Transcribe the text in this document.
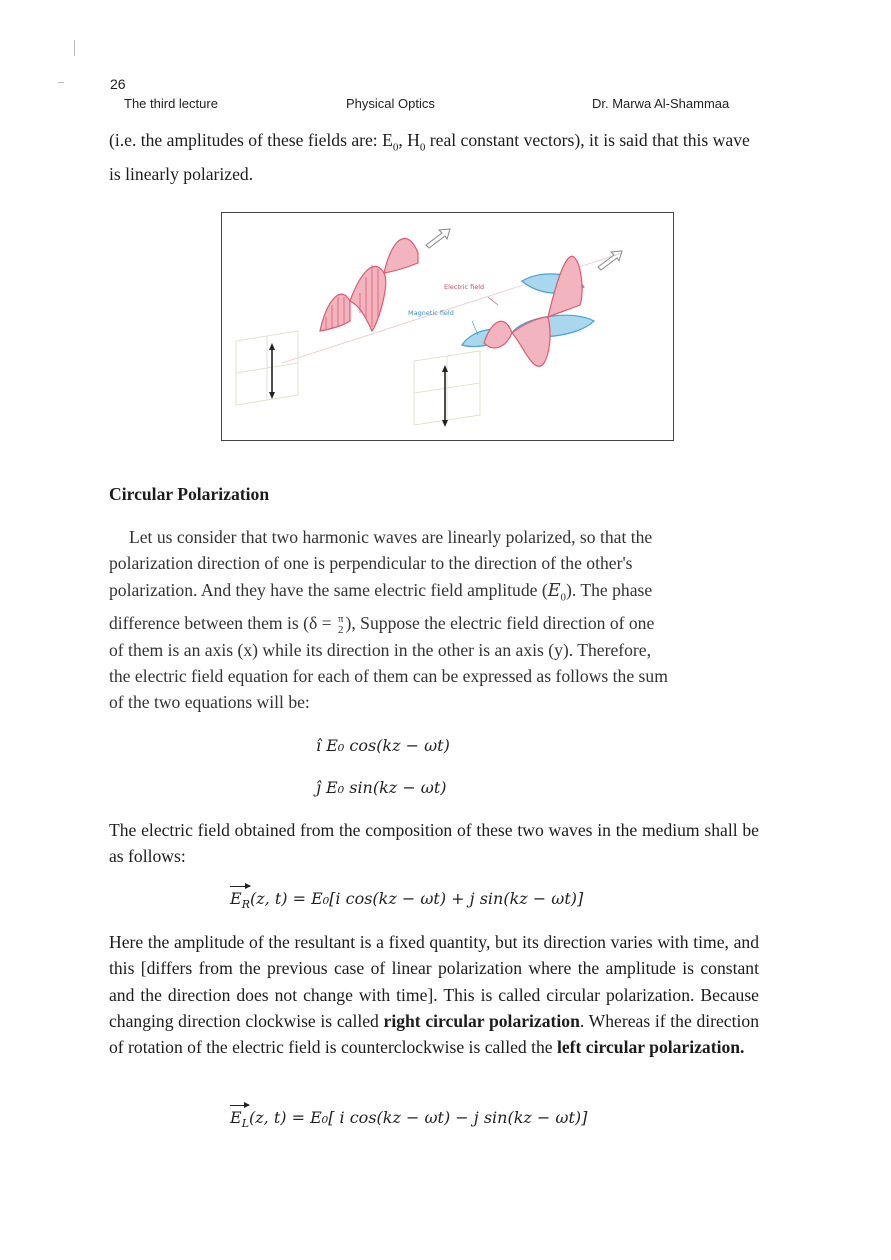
26
The third lecture	Physical Optics	Dr. Marwa Al-Shammaa

(i.e. the amplitudes of these fields are: $E_0$, $H_0$ real constant vectors), it is said that this wave is linearly polarized.

Electric field
Magnetic field
Circular Polarization
Let us consider that two harmonic waves are linearly polarized, so that the
polarization direction of one is perpendicular to the direction of the other's
polarization. And they have the same electric field amplitude $(E_0)$. The phase
difference between them is (δ = π
2 ), Suppose the electric field direction of one
of them is an axis (x) while its direction in the other is an axis (y). Therefore,
the electric field equation for each of them can be expressed as follows the sum
of the two equations will be:
î E₀ cos(kz − ωt)
ĵ E₀ sin(kz − ωt)

The electric field obtained from the composition of these two waves in the medium shall be as follows:

$E_R(z$, t) = E₀[i cos(kz − ωt) + j sin(kz − ωt)]

Here the amplitude of the resultant is a fixed quantity, but its direction varies with time, and this [differs from the previous case of linear polarization where the amplitude is constant and the direction does not change with time]. This is called circular polarization. Because changing direction clockwise is called right circular polarization. Whereas if the direction of rotation of the electric field is counterclockwise is called the left circular polarization.

$E_L(z$, t) = E₀[ i cos(kz − ωt) − j sin(kz − ωt)]
